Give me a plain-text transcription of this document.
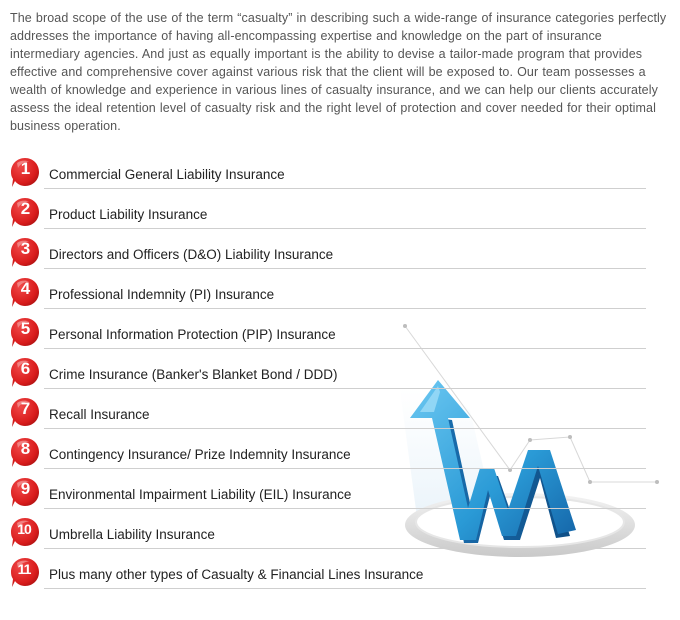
The broad scope of the use of the term “casualty” in describing such a wide-range of insurance categories perfectly addresses the importance of having all-encompassing expertise and knowledge on the part of insurance intermediary agencies. And just as equally important is the ability to devise a tailor-made program that provides effective and comprehensive cover against various risk that the client will be exposed to. Our team possesses a wealth of knowledge and experience in various lines of casualty insurance, and we can help our clients accurately assess the ideal retention level of casualty risk and the right level of protection and cover needed for their optimal business operation.

1	Commercial General Liability Insurance
2	Product Liability Insurance
3	Directors and Officers (D&O) Liability Insurance
4	Professional Indemnity (PI) Insurance
5	Personal Information Protection (PIP) Insurance
6	Crime Insurance (Banker's Blanket Bond / DDD)
7	Recall Insurance
8	Contingency Insurance/ Prize Indemnity Insurance
9	Environmental Impairment Liability (EIL) Insurance
10	Umbrella Liability Insurance
11	Plus many other types of Casualty & Financial Lines Insurance
